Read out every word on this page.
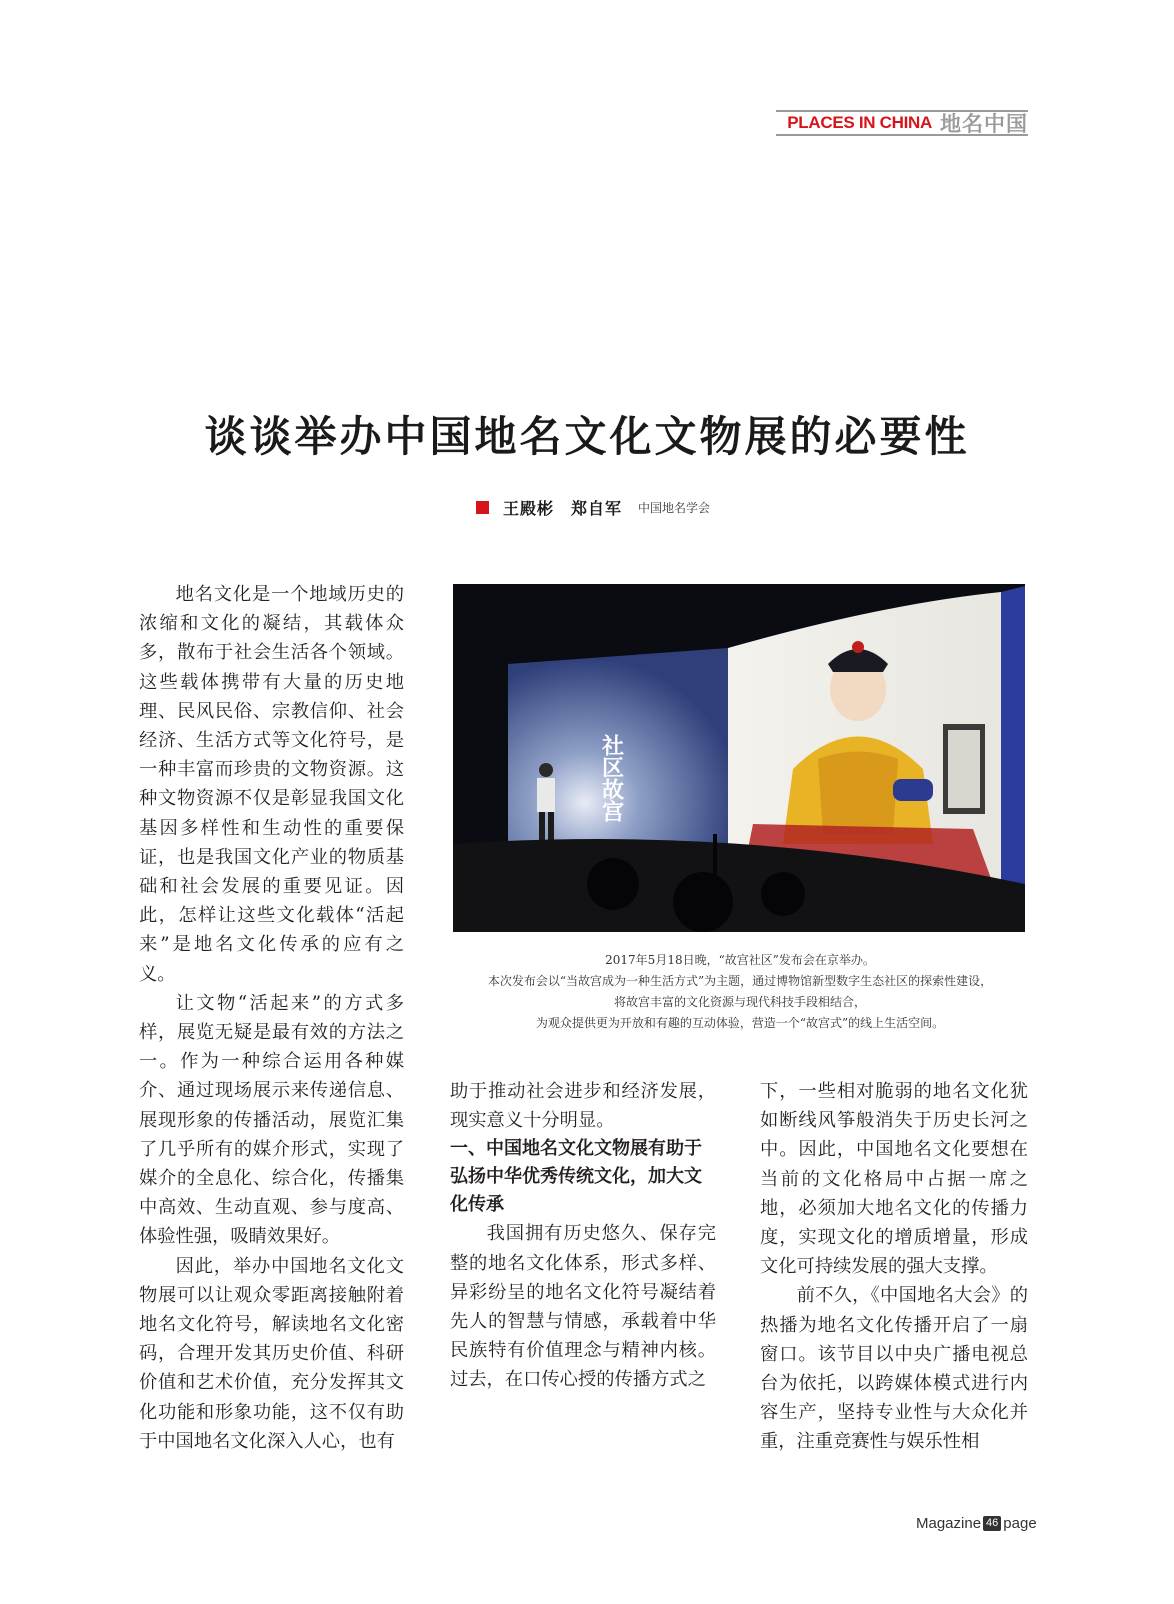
PLACES IN CHINA 地名中国
谈谈举办中国地名文化文物展的必要性
王殿彬　郑自军 中国地名学会

地名文化是一个地域历史的浓缩和文化的凝结，其载体众多，散布于社会生活各个领域。这些载体携带有大量的历史地理、民风民俗、宗教信仰、社会经济、生活方式等文化符号，是一种丰富而珍贵的文物资源。这种文物资源不仅是彰显我国文化基因多样性和生动性的重要保证，也是我国文化产业的物质基础和社会发展的重要见证。因此，怎样让这些文化载体“活起来”是地名文化传承的应有之义。

让文物“活起来”的方式多样，展览无疑是最有效的方法之一。作为一种综合运用各种媒介、通过现场展示来传递信息、展现形象的传播活动，展览汇集了几乎所有的媒介形式，实现了媒介的全息化、综合化，传播集中高效、生动直观、参与度高、体验性强，吸睛效果好。

因此，举办中国地名文化文物展可以让观众零距离接触附着地名文化符号，解读地名文化密码，合理开发其历史价值、科研价值和艺术价值，充分发挥其文化功能和形象功能，这不仅有助于中国地名文化深入人心，也有

社区故宫
2017年5月18日晚，“故宫社区”发布会在京举办。
本次发布会以“当故宫成为一种生活方式”为主题，通过博物馆新型数字生态社区的探索性建设，
将故宫丰富的文化资源与现代科技手段相结合，
为观众提供更为开放和有趣的互动体验，营造一个“故宫式”的线上生活空间。

助于推动社会进步和经济发展，现实意义十分明显。

一、中国地名文化文物展有助于弘扬中华优秀传统文化，加大文化传承

我国拥有历史悠久、保存完整的地名文化体系，形式多样、异彩纷呈的地名文化符号凝结着先人的智慧与情感，承载着中华民族特有价值理念与精神内核。过去，在口传心授的传播方式之

下，一些相对脆弱的地名文化犹如断线风筝般消失于历史长河之中。因此，中国地名文化要想在当前的文化格局中占据一席之地，必须加大地名文化的传播力度，实现文化的增质增量，形成文化可持续发展的强大支撑。

前不久，《中国地名大会》的热播为地名文化传播开启了一扇窗口。该节目以中央广播电视总台为依托，以跨媒体模式进行内容生产，坚持专业性与大众化并重，注重竞赛性与娱乐性相

Magazine 46 page
